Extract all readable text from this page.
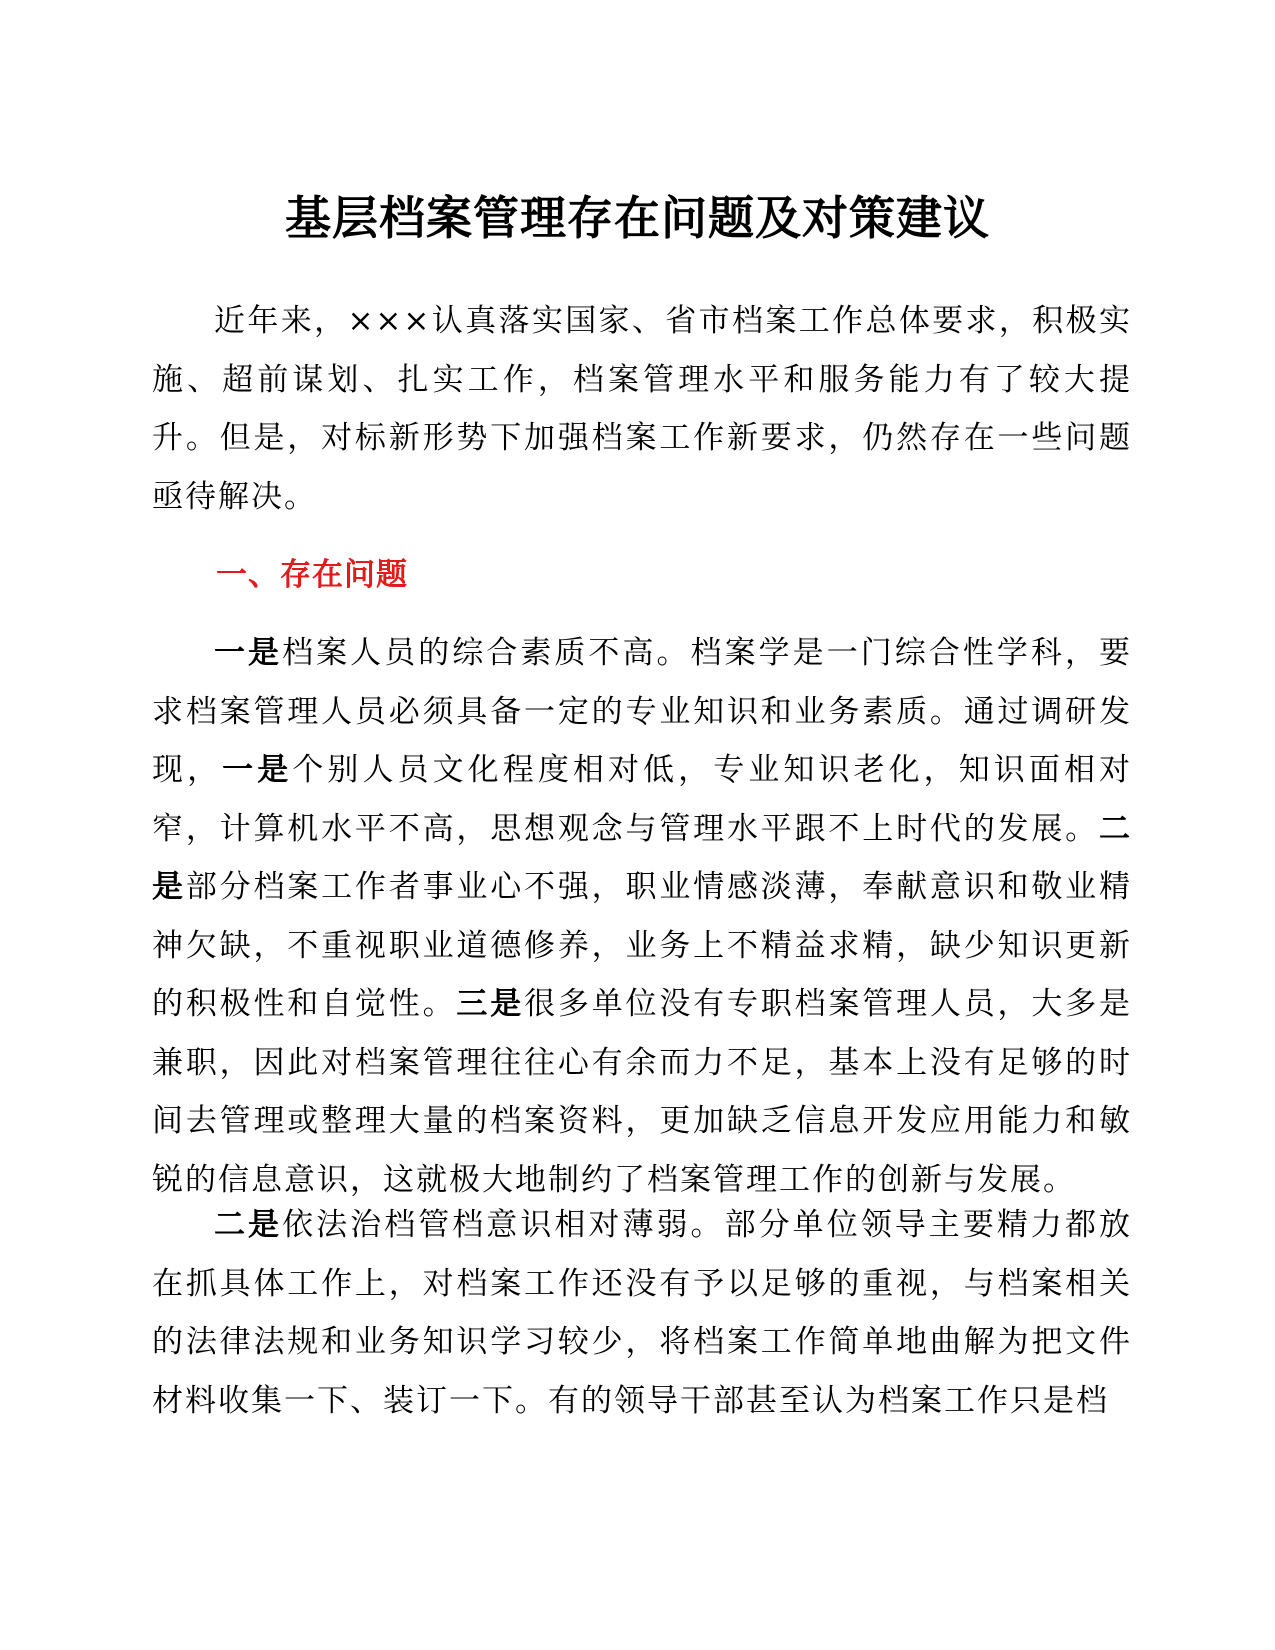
基层档案管理存在问题及对策建议

近年来，×××认真落实国家、省市档案工作总体要求，积极实施、超前谋划、扎实工作，档案管理水平和服务能力有了较大提升。但是，对标新形势下加强档案工作新要求，仍然存在一些问题亟待解决。

一、存在问题

一是档案人员的综合素质不高。档案学是一门综合性学科，要求档案管理人员必须具备一定的专业知识和业务素质。通过调研发现，一是个别人员文化程度相对低，专业知识老化，知识面相对窄，计算机水平不高，思想观念与管理水平跟不上时代的发展。二是部分档案工作者事业心不强，职业情感淡薄，奉献意识和敬业精神欠缺，不重视职业道德修养，业务上不精益求精，缺少知识更新的积极性和自觉性。三是很多单位没有专职档案管理人员，大多是兼职，因此对档案管理往往心有余而力不足，基本上没有足够的时间去管理或整理大量的档案资料，更加缺乏信息开发应用能力和敏锐的信息意识，这就极大地制约了档案管理工作的创新与发展。

二是依法治档管档意识相对薄弱。部分单位领导主要精力都放在抓具体工作上，对档案工作还没有予以足够的重视，与档案相关的法律法规和业务知识学习较少，将档案工作简单地曲解为把文件材料收集一下、装订一下。有的领导干部甚至认为档案工作只是档
